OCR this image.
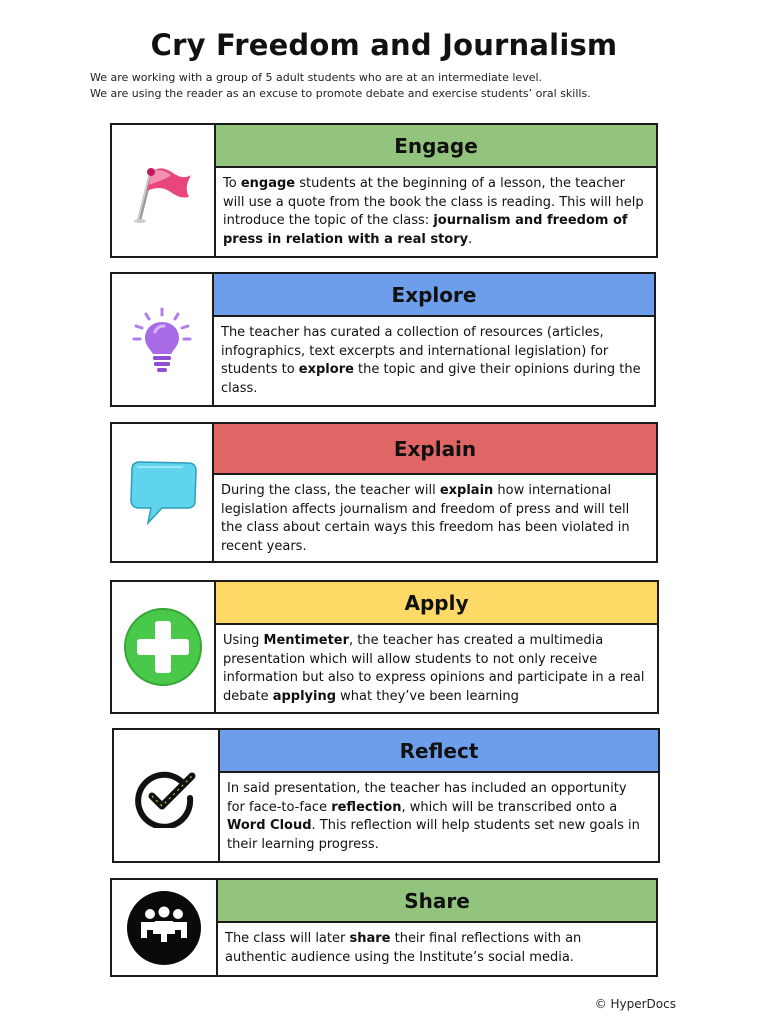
Cry Freedom and Journalism
We are working with a group of 5 adult students who are at an intermediate level.
We are using the reader as an excuse to promote debate and exercise students’ oral skills.
Engage
To engage students at the beginning of a lesson, the teacher will use a quote from the book the class is reading. This will help introduce the topic of the class: journalism and freedom of press in relation with a real story.
Explore
The teacher has curated a collection of resources (articles, infographics, text excerpts and international legislation) for students to explore the topic and give their opinions during the class.
Explain
During the class, the teacher will explain how international legislation affects journalism and freedom of press and will tell the class about certain ways this freedom has been violated in recent years.
Apply
Using Mentimeter, the teacher has created a multimedia presentation which will allow students to not only receive information but also to express opinions and participate in a real debate applying what they’ve been learning
Reflect
In said presentation, the teacher has included an opportunity for face-to-face reflection, which will be transcribed onto a Word Cloud. This reflection will help students set new goals in their learning progress.
Share
The class will later share their final reflections with an authentic audience using the Institute’s social media.
© HyperDocs
